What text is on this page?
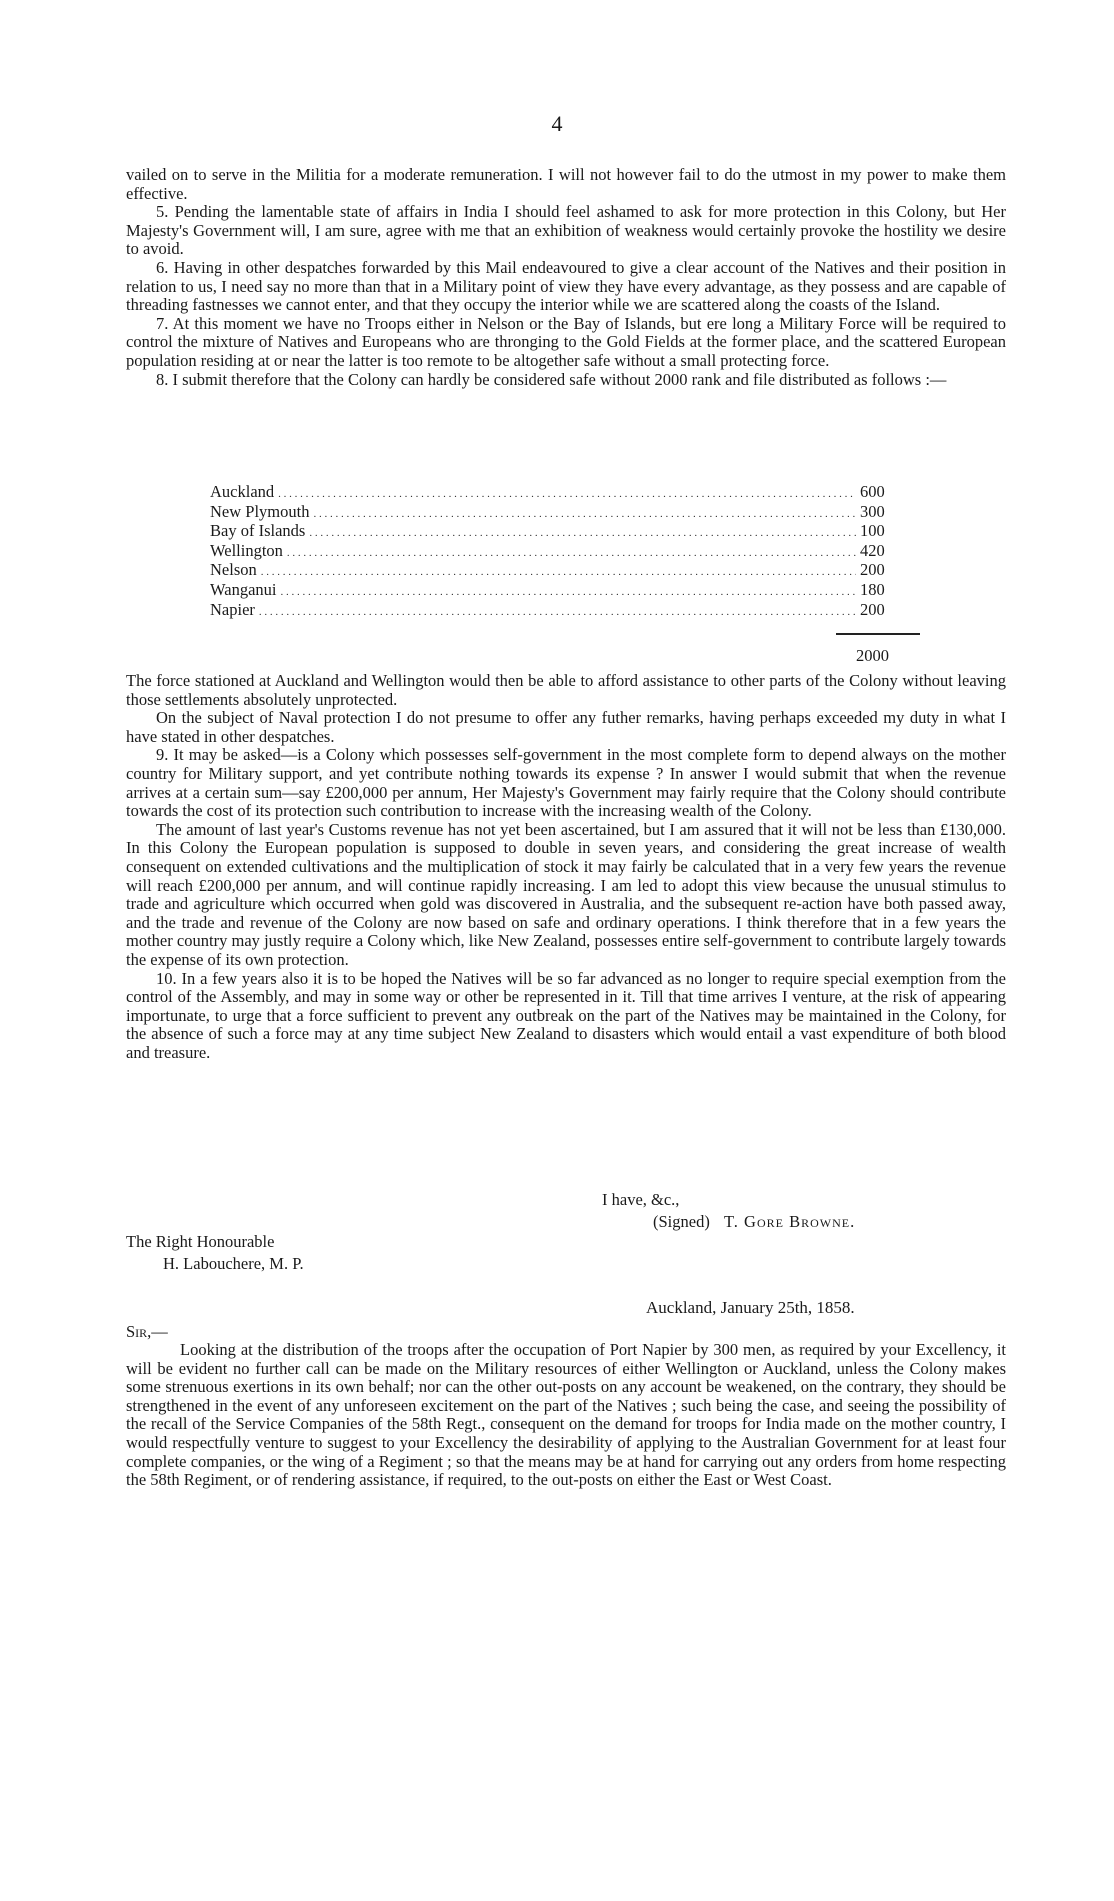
4

vailed on to serve in the Militia for a moderate remuneration. I will not however fail to do the utmost in my power to make them effective.

5. Pending the lamentable state of affairs in India I should feel ashamed to ask for more protection in this Colony, but Her Majesty's Government will, I am sure, agree with me that an exhibition of weakness would certainly provoke the hostility we desire to avoid.

6. Having in other despatches forwarded by this Mail endeavoured to give a clear account of the Natives and their position in relation to us, I need say no more than that in a Military point of view they have every advantage, as they possess and are capable of threading fastnesses we cannot enter, and that they occupy the interior while we are scattered along the coasts of the Island.

7. At this moment we have no Troops either in Nelson or the Bay of Islands, but ere long a Military Force will be required to control the mixture of Natives and Europeans who are thronging to the Gold Fields at the former place, and the scattered European population residing at or near the latter is too remote to be altogether safe without a small protecting force.

8. I submit therefore that the Colony can hardly be considered safe without 2000 rank and file distributed as follows :—

Auckland . . .	600
New Plymouth . . .	300
Bay of Islands . . .	100
Wellington . . .	420
Nelson . . .	200
Wanganui . . .	180
Napier . . .	200
2000

The force stationed at Auckland and Wellington would then be able to afford assistance to other parts of the Colony without leaving those settlements absolutely unprotected.

On the subject of Naval protection I do not presume to offer any futher remarks, having perhaps exceeded my duty in what I have stated in other despatches.

9. It may be asked—is a Colony which possesses self-government in the most complete form to depend always on the mother country for Military support, and yet contribute nothing towards its expense ? In answer I would submit that when the revenue arrives at a certain sum—say £200,000 per annum, Her Majesty's Government may fairly require that the Colony should contribute towards the cost of its protection such contribution to increase with the increasing wealth of the Colony.

The amount of last year's Customs revenue has not yet been ascertained, but I am assured that it will not be less than £130,000. In this Colony the European population is supposed to double in seven years, and considering the great increase of wealth consequent on extended cultivations and the multiplication of stock it may fairly be calculated that in a very few years the revenue will reach £200,000 per annum, and will continue rapidly increasing. I am led to adopt this view because the unusual stimulus to trade and agriculture which occurred when gold was discovered in Australia, and the subsequent re-action have both passed away, and the trade and revenue of the Colony are now based on safe and ordinary operations. I think therefore that in a few years the mother country may justly require a Colony which, like New Zealand, possesses entire self-government to contribute largely towards the expense of its own protection.

10. In a few years also it is to be hoped the Natives will be so far advanced as no longer to require special exemption from the control of the Assembly, and may in some way or other be represented in it. Till that time arrives I venture, at the risk of appearing importunate, to urge that a force sufficient to prevent any outbreak on the part of the Natives may be maintained in the Colony, for the absence of such a force may at any time subject New Zealand to disasters which would entail a vast expenditure of both blood and treasure.

I have, &c.,
(Signed) T. Gore Browne.
The Right Honourable
H. Labouchere, M. P.
Auckland, January 25th, 1858.
Sir,—

Looking at the distribution of the troops after the occupation of Port Napier by 300 men, as required by your Excellency, it will be evident no further call can be made on the Military resources of either Wellington or Auckland, unless the Colony makes some strenuous exertions in its own behalf; nor can the other out-posts on any account be weakened, on the contrary, they should be strengthened in the event of any unforeseen excitement on the part of the Natives ; such being the case, and seeing the possibility of the recall of the Service Companies of the 58th Regt., consequent on the demand for troops for India made on the mother country, I would respectfully venture to suggest to your Excellency the desirability of applying to the Australian Government for at least four complete companies, or the wing of a Regiment ; so that the means may be at hand for carrying out any orders from home respecting the 58th Regiment, or of rendering assistance, if required, to the out-posts on either the East or West Coast.
